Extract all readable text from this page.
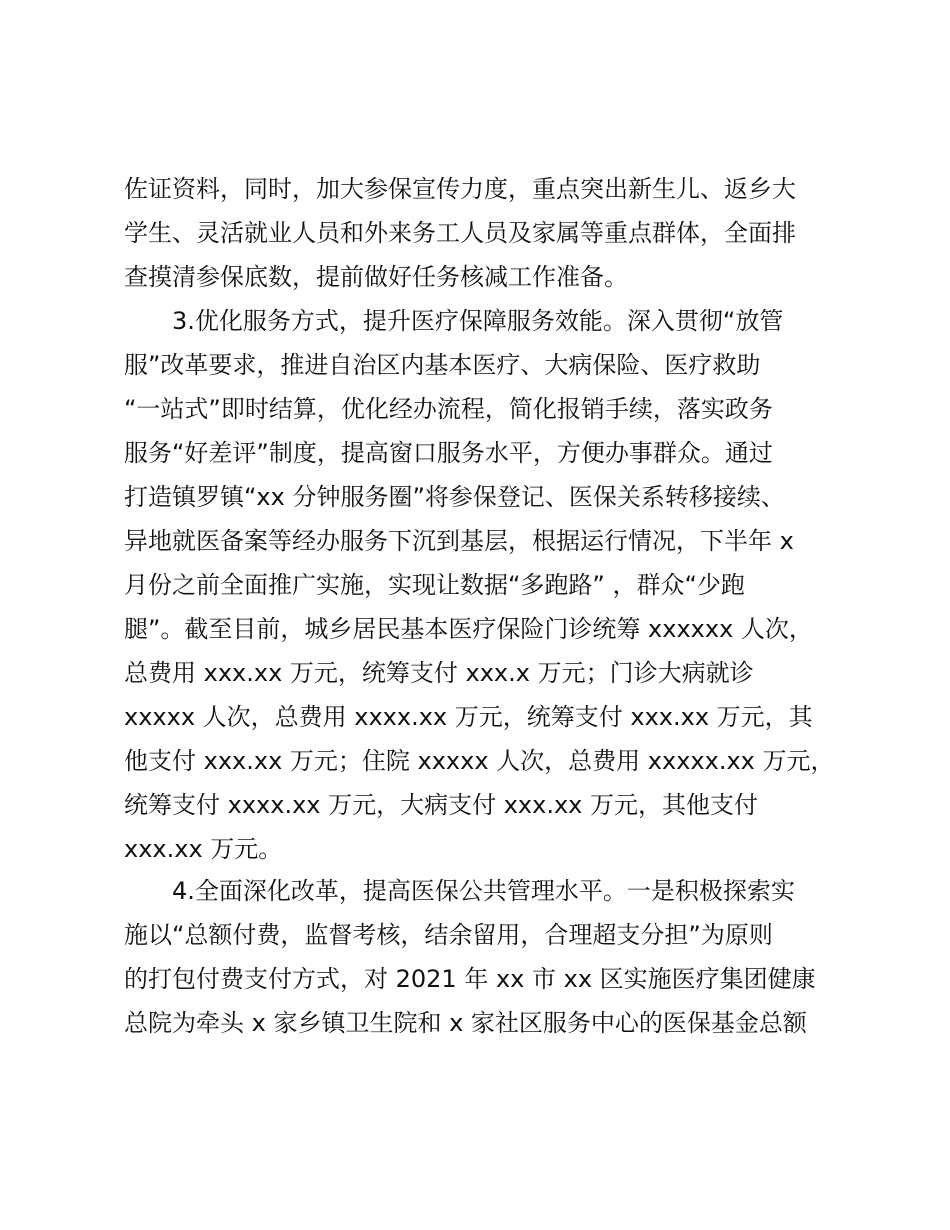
佐证资料，同时，加大参保宣传力度，重点突出新生儿、返乡大
学生、灵活就业人员和外来务工人员及家属等重点群体，全面排
查摸清参保底数，提前做好任务核减工作准备。
3.优化服务方式，提升医疗保障服务效能。深入贯彻“放管
服”改革要求，推进自治区内基本医疗、大病保险、医疗救助
“一站式”即时结算，优化经办流程，简化报销手续，落实政务
服务“好差评”制度，提高窗口服务水平，方便办事群众。通过
打造镇罗镇“xx 分钟服务圈”将参保登记、医保关系转移接续、
异地就医备案等经办服务下沉到基层，根据运行情况，下半年 x
月份之前全面推广实施，实现让数据“多跑路” ，群众“少跑
腿”。截至目前，城乡居民基本医疗保险门诊统筹 xxxxxx 人次，
总费用 xxx.xx 万元，统筹支付 xxx.x 万元；门诊大病就诊
xxxxx 人次，总费用 xxxx.xx 万元，统筹支付 xxx.xx 万元，其
他支付 xxx.xx 万元；住院 xxxxx 人次，总费用 xxxxx.xx 万元，
统筹支付 xxxx.xx 万元，大病支付 xxx.xx 万元，其他支付
xxx.xx 万元。
4.全面深化改革，提高医保公共管理水平。一是积极探索实
施以“总额付费，监督考核，结余留用，合理超支分担”为原则
的打包付费支付方式，对 2021 年 xx 市 xx 区实施医疗集团健康
总院为牵头 x 家乡镇卫生院和 x 家社区服务中心的医保基金总额
